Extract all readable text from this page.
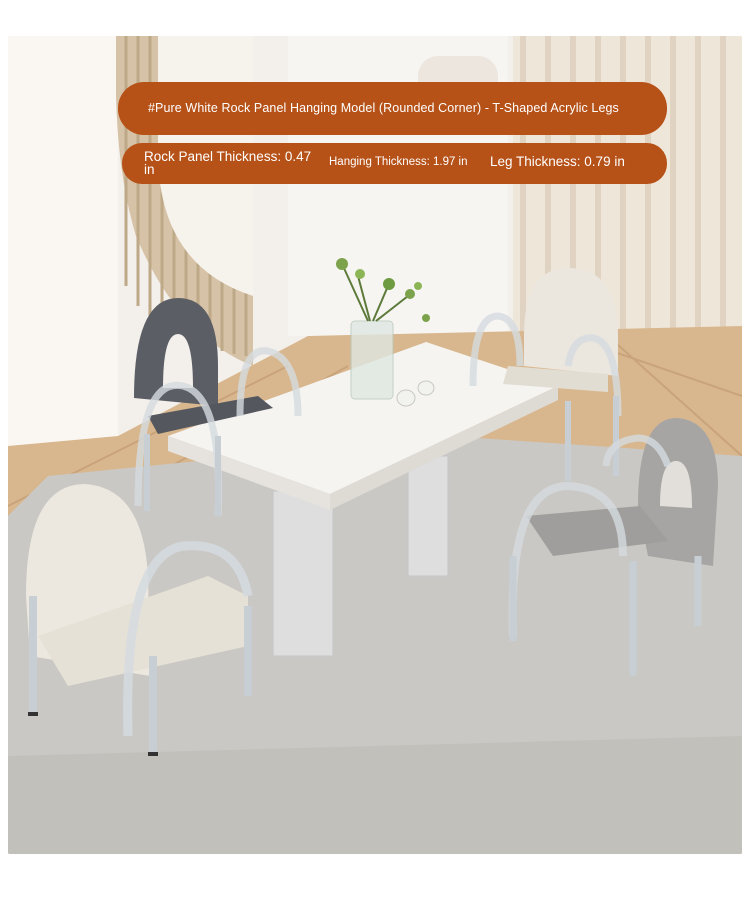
#Pure White Rock Panel Hanging Model (Rounded Corner) - T-Shaped Acrylic Legs
Rock Panel Thickness: 0.47 in	Hanging Thickness: 1.97 in Leg Thickness: 0.79 in
